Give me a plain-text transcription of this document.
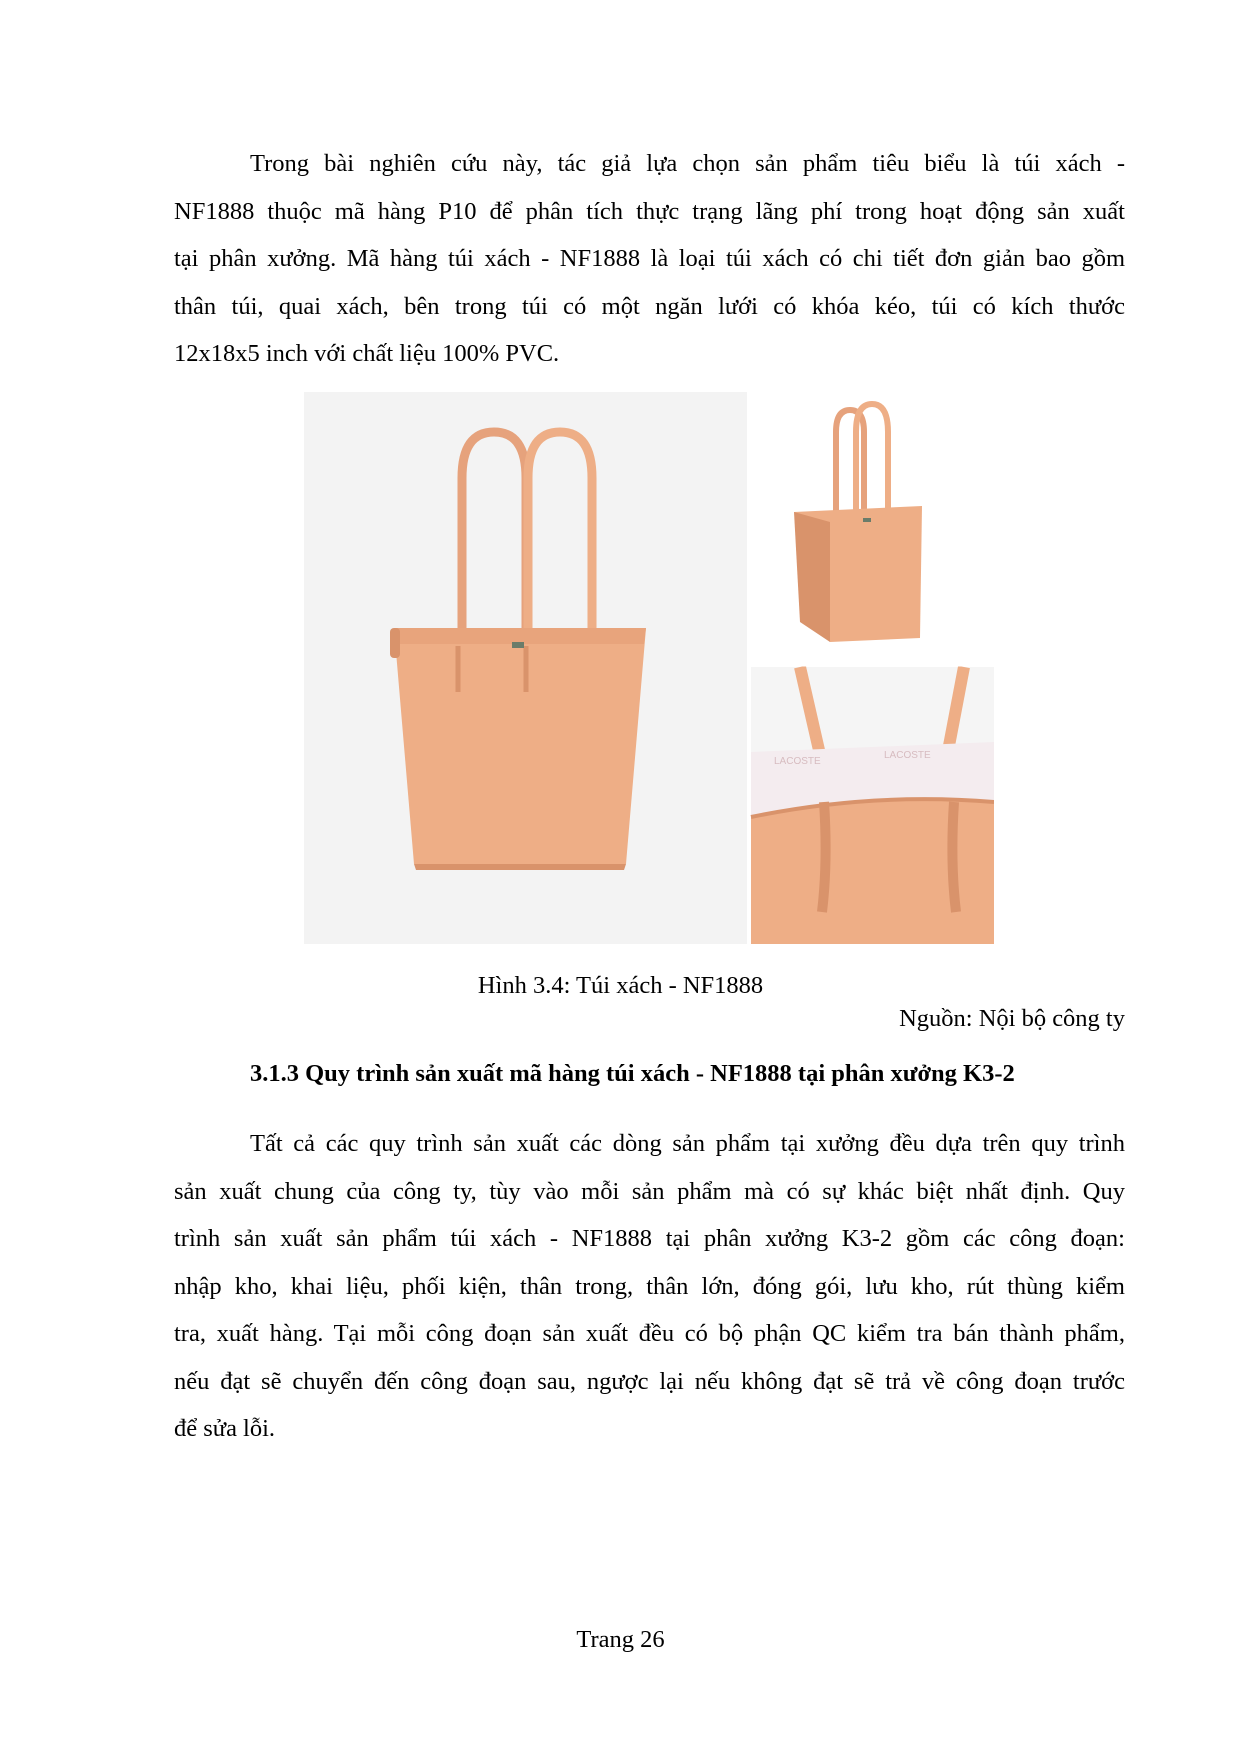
Trong bài nghiên cứu này, tác giả lựa chọn sản phẩm tiêu biểu là túi xách -
NF1888 thuộc mã hàng P10 để phân tích thực trạng lãng phí trong hoạt động sản xuất
tại phân xưởng. Mã hàng túi xách - NF1888 là loại túi xách có chi tiết đơn giản bao gồm
thân túi, quai xách, bên trong túi có một ngăn lưới có khóa kéo, túi có kích thước
12x18x5 inch với chất liệu 100% PVC.
LACOSTE
LACOSTE

Hình 3.4: Túi xách - NF1888

Nguồn: Nội bộ công ty

3.1.3 Quy trình sản xuất mã hàng túi xách - NF1888 tại phân xưởng K3-2

Tất cả các quy trình sản xuất các dòng sản phẩm tại xưởng đều dựa trên quy trình
sản xuất chung của công ty, tùy vào mỗi sản phẩm mà có sự khác biệt nhất định. Quy
trình sản xuất sản phẩm túi xách - NF1888 tại phân xưởng K3-2 gồm các công đoạn:
nhập kho, khai liệu, phối kiện, thân trong, thân lớn, đóng gói, lưu kho, rút thùng kiểm
tra, xuất hàng. Tại mỗi công đoạn sản xuất đều có bộ phận QC kiểm tra bán thành phẩm,
nếu đạt sẽ chuyển đến công đoạn sau, ngược lại nếu không đạt sẽ trả về công đoạn trước
để sửa lỗi.

Trang 26
